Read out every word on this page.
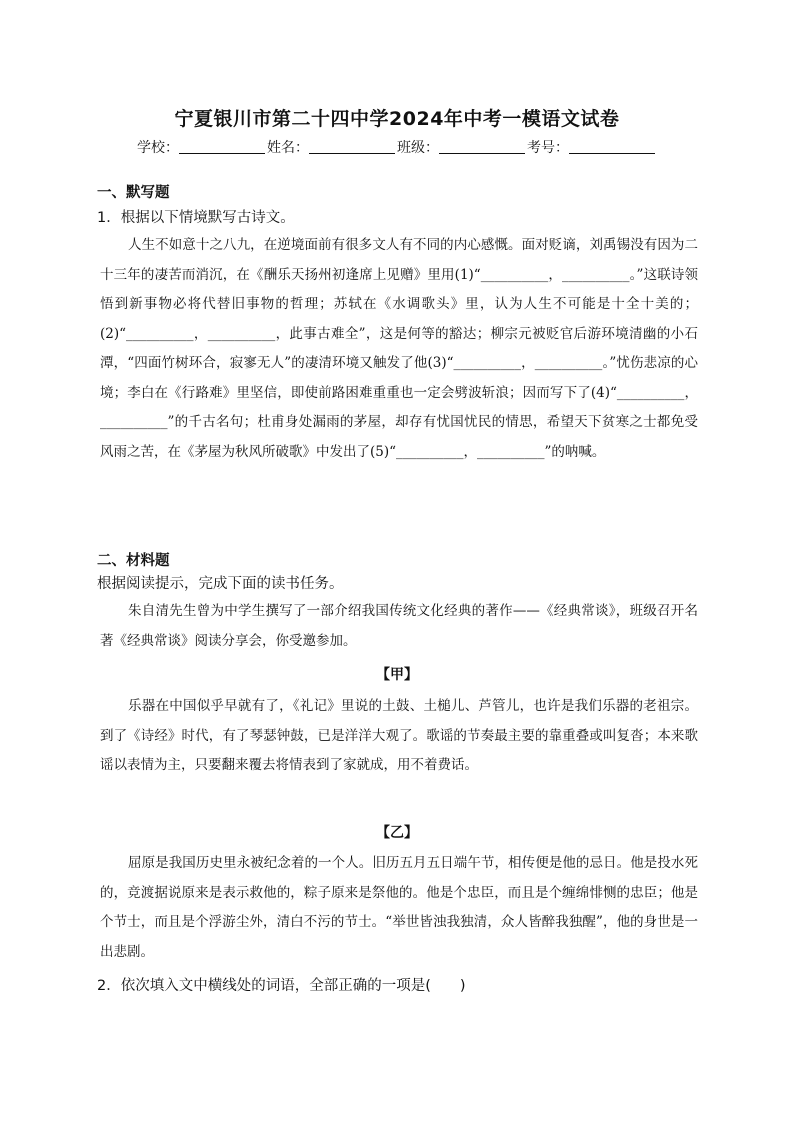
宁夏银川市第二十四中学2024年中考一模语文试卷
学校：	姓名：	班级：	考号：
一、默写题
1．根据以下情境默写古诗文。
人生不如意十之八九，在逆境面前有很多文人有不同的内心感慨。面对贬谪，刘禹锡没有因为二十三年的凄苦而消沉，在《酬乐天扬州初逢席上见赠》里用(1)“__________，__________。”这联诗领悟到新事物必将代替旧事物的哲理；苏轼在《水调歌头》里，认为人生不可能是十全十美的；(2)“__________，__________，此事古难全”，这是何等的豁达；柳宗元被贬官后游环境清幽的小石潭，“四面竹树环合，寂寥无人”的凄清环境又触发了他(3)“__________，__________。”忧伤悲凉的心境；李白在《行路难》里坚信，即使前路困难重重也一定会劈波斩浪；因而写下了(4)“__________，__________”的千古名句；杜甫身处漏雨的茅屋，却存有忧国忧民的情思，希望天下贫寒之士都免受风雨之苦，在《茅屋为秋风所破歌》中发出了(5)“__________，__________”的呐喊。
二、材料题
根据阅读提示，完成下面的读书任务。
朱自清先生曾为中学生撰写了一部介绍我国传统文化经典的著作——《经典常谈》，班级召开名著《经典常谈》阅读分享会，你受邀参加。
【甲】
乐器在中国似乎早就有了，《礼记》里说的土鼓、土槌儿、芦管儿，也许是我们乐器的老祖宗。到了《诗经》时代，有了琴瑟钟鼓，已是洋洋大观了。歌谣的节奏最主要的靠重叠或叫复沓；本来歌谣以表情为主，只要翻来覆去将情表到了家就成，用不着费话。
【乙】
屈原是我国历史里永被纪念着的一个人。旧历五月五日端午节，相传便是他的忌日。他是投水死的，竞渡据说原来是表示救他的，粽子原来是祭他的。他是个忠臣，而且是个缠绵悱恻的忠臣；他是个节士，而且是个浮游尘外，清白不污的节士。“举世皆浊我独清，众人皆醉我独醒”，他的身世是一出悲剧。
2．依次填入文中横线处的词语，全部正确的一项是(　　)
